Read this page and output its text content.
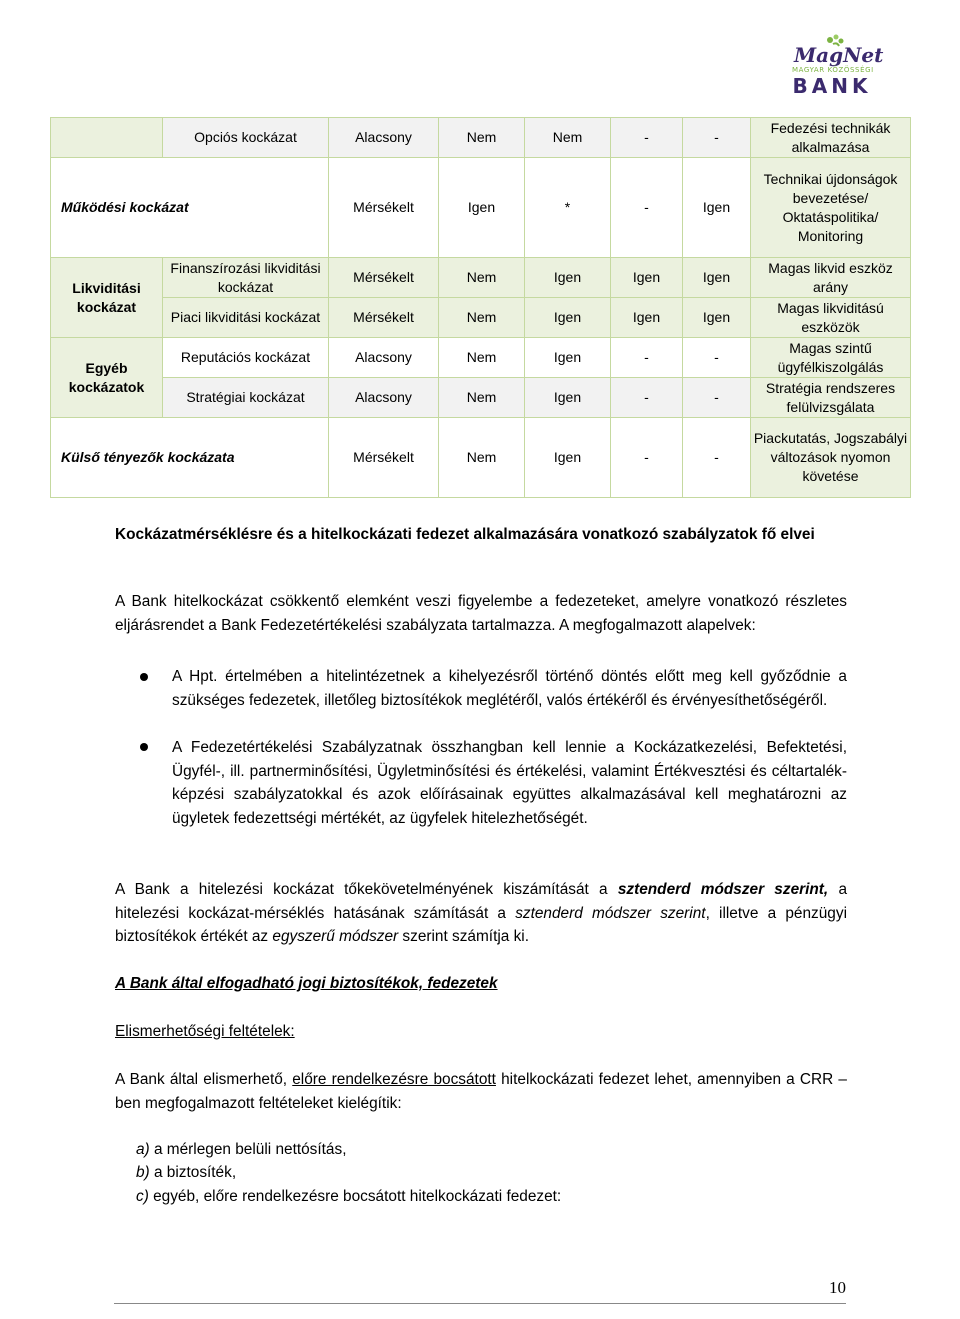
MagNet
MAGYAR KÖZÖSSÉGI
BANK
	Opciós kockázat	Alacsony	Nem	Nem	-	-	Fedezési technikák alkalmazása
Működési kockázat		Mérsékelt	Igen	*	-	Igen	Technikai újdonságok bevezetése/ Oktatáspolitika/ Monitoring
Likviditási kockázat	Finanszírozási likviditási kockázat	Mérsékelt	Nem	Igen	Igen	Igen	Magas likvid eszköz arány
	Piaci likviditási kockázat	Mérsékelt	Nem	Igen	Igen	Igen	Magas likviditású eszközök
Egyéb kockázatok	Reputációs kockázat	Alacsony	Nem	Igen	-	-	Magas szintű ügyfélkiszolgálás
	Stratégiai kockázat	Alacsony	Nem	Igen	-	-	Stratégia rendszeres felülvizsgálata
Külső tényezők kockázata		Mérsékelt	Nem	Igen	-	-	Piackutatás, Jogszabályi változások nyomon követése
Kockázatmérséklésre és a hitelkockázati fedezet alkalmazására vonatkozó szabályzatok fő elvei
A Bank hitelkockázat csökkentő elemként veszi figyelembe a fedezeteket, amelyre vonatkozó részletes eljárásrendet a Bank Fedezetértékelési szabályzata tartalmazza. A megfogalmazott alapelvek:
A Hpt. értelmében a hitelintézetnek a kihelyezésről történő döntés előtt meg kell győződnie a szükséges fedezetek, illetőleg biztosítékok meglétéről, valós értékéről és érvényesíthetőségéről.
A Fedezetértékelési Szabályzatnak összhangban kell lennie a Kockázatkezelési, Befektetési, Ügyfél-, ill. partnerminősítési, Ügyletminősítési és értékelési, valamint Értékvesztési és céltartalék-képzési szabályzatokkal és azok előírásainak együttes alkalmazásával kell meghatározni az ügyletek fedezettségi mértékét, az ügyfelek hitelezhetőségét.
A Bank a hitelezési kockázat tőkekövetelményének kiszámítását a sztenderd módszer szerint, a hitelezési kockázat-mérséklés hatásának számítását a sztenderd módszer szerint, illetve a pénzügyi biztosítékok értékét az egyszerű módszer szerint számítja ki.
A Bank által elfogadható jogi biztosítékok, fedezetek
Elismerhetőségi feltételek:
A Bank által elismerhető, előre rendelkezésre bocsátott hitelkockázati fedezet lehet, amennyiben a CRR –ben megfogalmazott feltételeket kielégítik:
a) a mérlegen belüli nettósítás,
b) a biztosíték,
c) egyéb, előre rendelkezésre bocsátott hitelkockázati fedezet:
10
